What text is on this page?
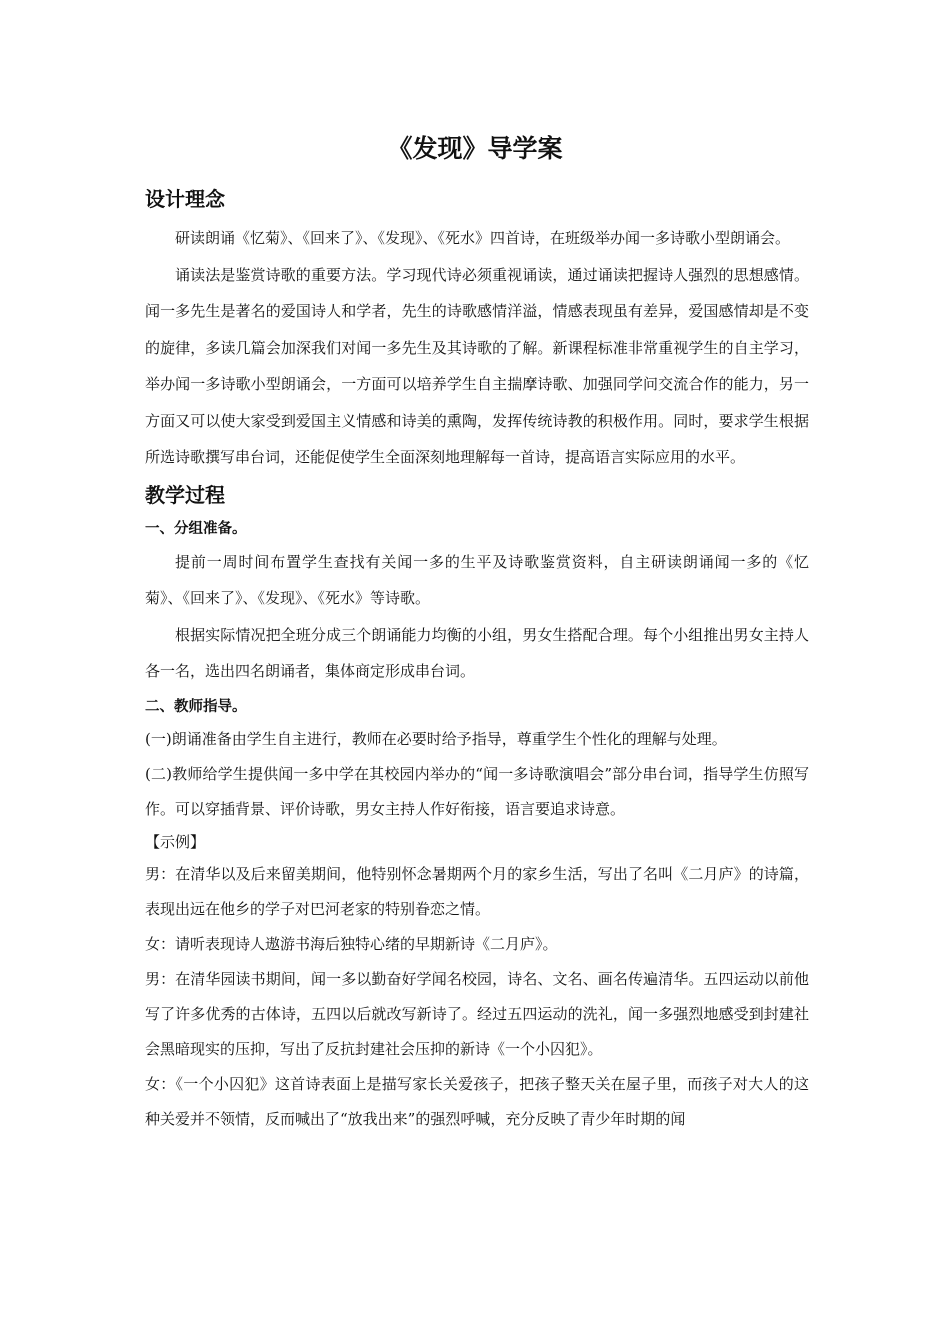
《发现》导学案
设计理念

研读朗诵《忆菊》、《回来了》、《发现》、《死水》四首诗，在班级举办闻一多诗歌小型朗诵会。

诵读法是鉴赏诗歌的重要方法。学习现代诗必须重视诵读，通过诵读把握诗人强烈的思想感情。闻一多先生是著名的爱国诗人和学者，先生的诗歌感情洋溢，情感表现虽有差异，爱国感情却是不变的旋律，多读几篇会加深我们对闻一多先生及其诗歌的了解。新课程标准非常重视学生的自主学习，举办闻一多诗歌小型朗诵会，一方面可以培养学生自主揣摩诗歌、加强同学问交流合作的能力，另一方面又可以使大家受到爱国主义情感和诗美的熏陶，发挥传统诗教的积极作用。同时，要求学生根据所选诗歌撰写串台词，还能促使学生全面深刻地理解每一首诗，提高语言实际应用的水平。

教学过程
一、分组准备。

提前一周时间布置学生查找有关闻一多的生平及诗歌鉴赏资料，自主研读朗诵闻一多的《忆菊》、《回来了》、《发现》、《死水》等诗歌。

根据实际情况把全班分成三个朗诵能力均衡的小组，男女生搭配合理。每个小组推出男女主持人各一名，选出四名朗诵者，集体商定形成串台词。

二、教师指导。

(一)朗诵准备由学生自主进行，教师在必要时给予指导，尊重学生个性化的理解与处理。

(二)教师给学生提供闻一多中学在其校园内举办的“闻一多诗歌演唱会”部分串台词，指导学生仿照写作。可以穿插背景、评价诗歌，男女主持人作好衔接，语言要追求诗意。

【示例】

男：在清华以及后来留美期间，他特别怀念暑期两个月的家乡生活，写出了名叫《二月庐》的诗篇，表现出远在他乡的学子对巴河老家的特别眷恋之情。

女：请听表现诗人遨游书海后独特心绪的早期新诗《二月庐》。

男：在清华园读书期间，闻一多以勤奋好学闻名校园，诗名、文名、画名传遍清华。五四运动以前他写了许多优秀的古体诗，五四以后就改写新诗了。经过五四运动的洗礼，闻一多强烈地感受到封建社会黑暗现实的压抑，写出了反抗封建社会压抑的新诗《一个小囚犯》。

女：《一个小囚犯》这首诗表面上是描写家长关爱孩子，把孩子整天关在屋子里，而孩子对大人的这种关爱并不领情，反而喊出了“放我出来”的强烈呼喊，充分反映了青少年时期的闻
